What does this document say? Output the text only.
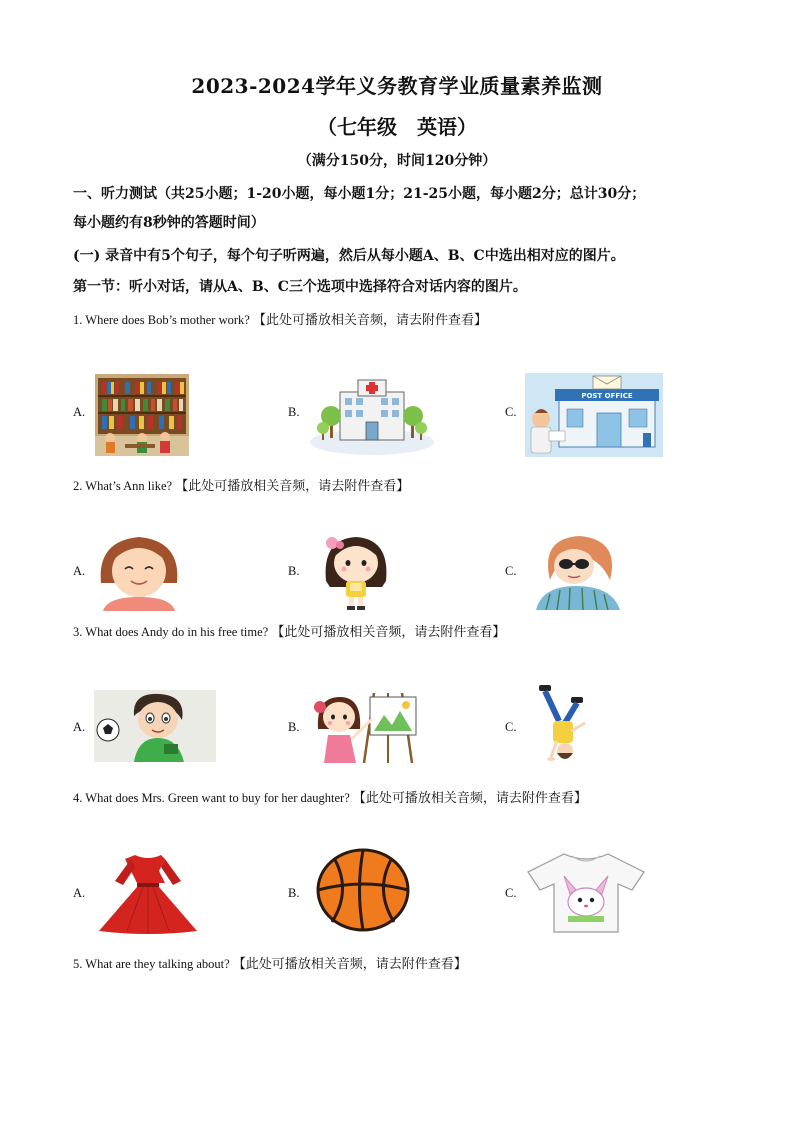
2023-2024学年义务教育学业质量素养监测
（七年级　英语）
（满分150分，时间120分钟）
一、听力测试（共25小题；1-20小题，每小题1分；21-25小题，每小题2分；总计30分；
每小题约有8秒钟的答题时间）
(一) 录音中有5个句子，每个句子听两遍，然后从每小题A、B、C中选出相对应的图片。
第一节：听小对话，请从A、B、C三个选项中选择符合对话内容的图片。
1. Where does Bob’s mother work? 【此处可播放相关音频，请去附件查看】
A.	B.	C.
POST OFFICE
2. What’s Ann like? 【此处可播放相关音频，请去附件查看】
A.	B.	C.
3. What does Andy do in his free time? 【此处可播放相关音频，请去附件查看】
A.	B.	C.
4. What does Mrs. Green want to buy for her daughter? 【此处可播放相关音频，请去附件查看】
A.	B.	C.
5. What are they talking about? 【此处可播放相关音频，请去附件查看】
